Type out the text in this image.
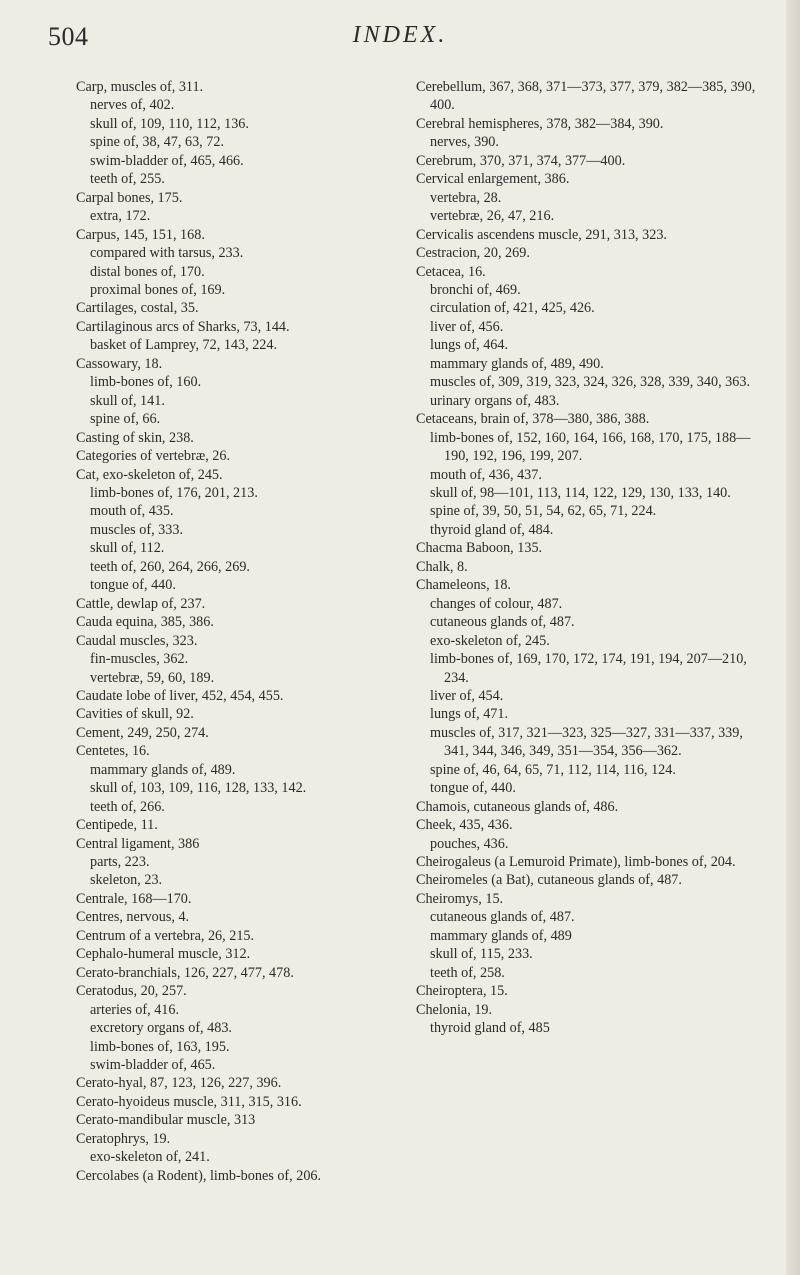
504	INDEX.
Carp, muscles of, 311.
nerves of, 402.
skull of, 109, 110, 112, 136.
spine of, 38, 47, 63, 72.
swim-bladder of, 465, 466.
teeth of, 255.
Carpal bones, 175.
extra, 172.
Carpus, 145, 151, 168.
compared with tarsus, 233.
distal bones of, 170.
proximal bones of, 169.
Cartilages, costal, 35.
Cartilaginous arcs of Sharks, 73, 144.
basket of Lamprey, 72, 143, 224.
Cassowary, 18.
limb-bones of, 160.
skull of, 141.
spine of, 66.
Casting of skin, 238.
Categories of vertebræ, 26.
Cat, exo-skeleton of, 245.
limb-bones of, 176, 201, 213.
mouth of, 435.
muscles of, 333.
skull of, 112.
teeth of, 260, 264, 266, 269.
tongue of, 440.
Cattle, dewlap of, 237.
Cauda equina, 385, 386.
Caudal muscles, 323.
fin-muscles, 362.
vertebræ, 59, 60, 189.
Caudate lobe of liver, 452, 454, 455.
Cavities of skull, 92.
Cement, 249, 250, 274.
Centetes, 16.
mammary glands of, 489.
skull of, 103, 109, 116, 128, 133, 142.
teeth of, 266.
Centipede, 11.
Central ligament, 386
parts, 223.
skeleton, 23.
Centrale, 168—170.
Centres, nervous, 4.
Centrum of a vertebra, 26, 215.
Cephalo-humeral muscle, 312.
Cerato-branchials, 126, 227, 477, 478.
Ceratodus, 20, 257.
arteries of, 416.
excretory organs of, 483.
limb-bones of, 163, 195.
swim-bladder of, 465.
Cerato-hyal, 87, 123, 126, 227, 396.
Cerato-hyoideus muscle, 311, 315, 316.
Cerato-mandibular muscle, 313
Ceratophrys, 19.
exo-skeleton of, 241.
Cercolabes (a Rodent), limb-bones of, 206.
Cerebellum, 367, 368, 371—373, 377, 379, 382—385, 390, 400.
Cerebral hemispheres, 378, 382—384, 390.
nerves, 390.
Cerebrum, 370, 371, 374, 377—400.
Cervical enlargement, 386.
vertebra, 28.
vertebræ, 26, 47, 216.
Cervicalis ascendens muscle, 291, 313, 323.
Cestracion, 20, 269.
Cetacea, 16.
bronchi of, 469.
circulation of, 421, 425, 426.
liver of, 456.
lungs of, 464.
mammary glands of, 489, 490.
muscles of, 309, 319, 323, 324, 326, 328, 339, 340, 363.
urinary organs of, 483.
Cetaceans, brain of, 378—380, 386, 388.
limb-bones of, 152, 160, 164, 166, 168, 170, 175, 188—190, 192, 196, 199, 207.
mouth of, 436, 437.
skull of, 98—101, 113, 114, 122, 129, 130, 133, 140.
spine of, 39, 50, 51, 54, 62, 65, 71, 224.
thyroid gland of, 484.
Chacma Baboon, 135.
Chalk, 8.
Chameleons, 18.
changes of colour, 487.
cutaneous glands of, 487.
exo-skeleton of, 245.
limb-bones of, 169, 170, 172, 174, 191, 194, 207—210, 234.
liver of, 454.
lungs of, 471.
muscles of, 317, 321—323, 325—327, 331—337, 339, 341, 344, 346, 349, 351—354, 356—362.
spine of, 46, 64, 65, 71, 112, 114, 116, 124.
tongue of, 440.
Chamois, cutaneous glands of, 486.
Cheek, 435, 436.
pouches, 436.
Cheirogaleus (a Lemuroid Primate), limb-bones of, 204.
Cheiromeles (a Bat), cutaneous glands of, 487.
Cheiromys, 15.
cutaneous glands of, 487.
mammary glands of, 489
skull of, 115, 233.
teeth of, 258.
Cheiroptera, 15.
Chelonia, 19.
thyroid gland of, 485
